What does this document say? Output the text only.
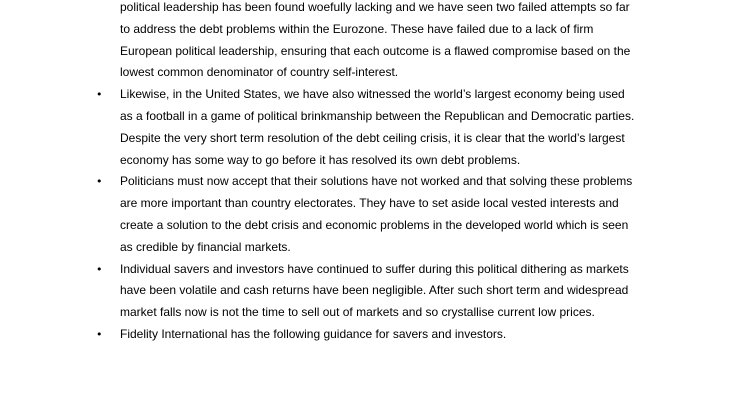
political leadership has been found woefully lacking and we have seen two failed attempts so far to address the debt problems within the Eurozone. These have failed due to a lack of firm European political leadership, ensuring that each outcome is a flawed compromise based on the lowest common denominator of country self-interest.

•
Likewise, in the United States, we have also witnessed the world’s largest economy being used as a football in a game of political brinkmanship between the Republican and Democratic parties. Despite the very short term resolution of the debt ceiling crisis, it is clear that the world’s largest economy has some way to go before it has resolved its own debt problems.
•
Politicians must now accept that their solutions have not worked and that solving these problems are more important than country electorates. They have to set aside local vested interests and create a solution to the debt crisis and economic problems in the developed world which is seen as credible by financial markets.
•
Individual savers and investors have continued to suffer during this political dithering as markets have been volatile and cash returns have been negligible. After such short term and widespread market falls now is not the time to sell out of markets and so crystallise current low prices.
•
Fidelity International has the following guidance for savers and investors.
